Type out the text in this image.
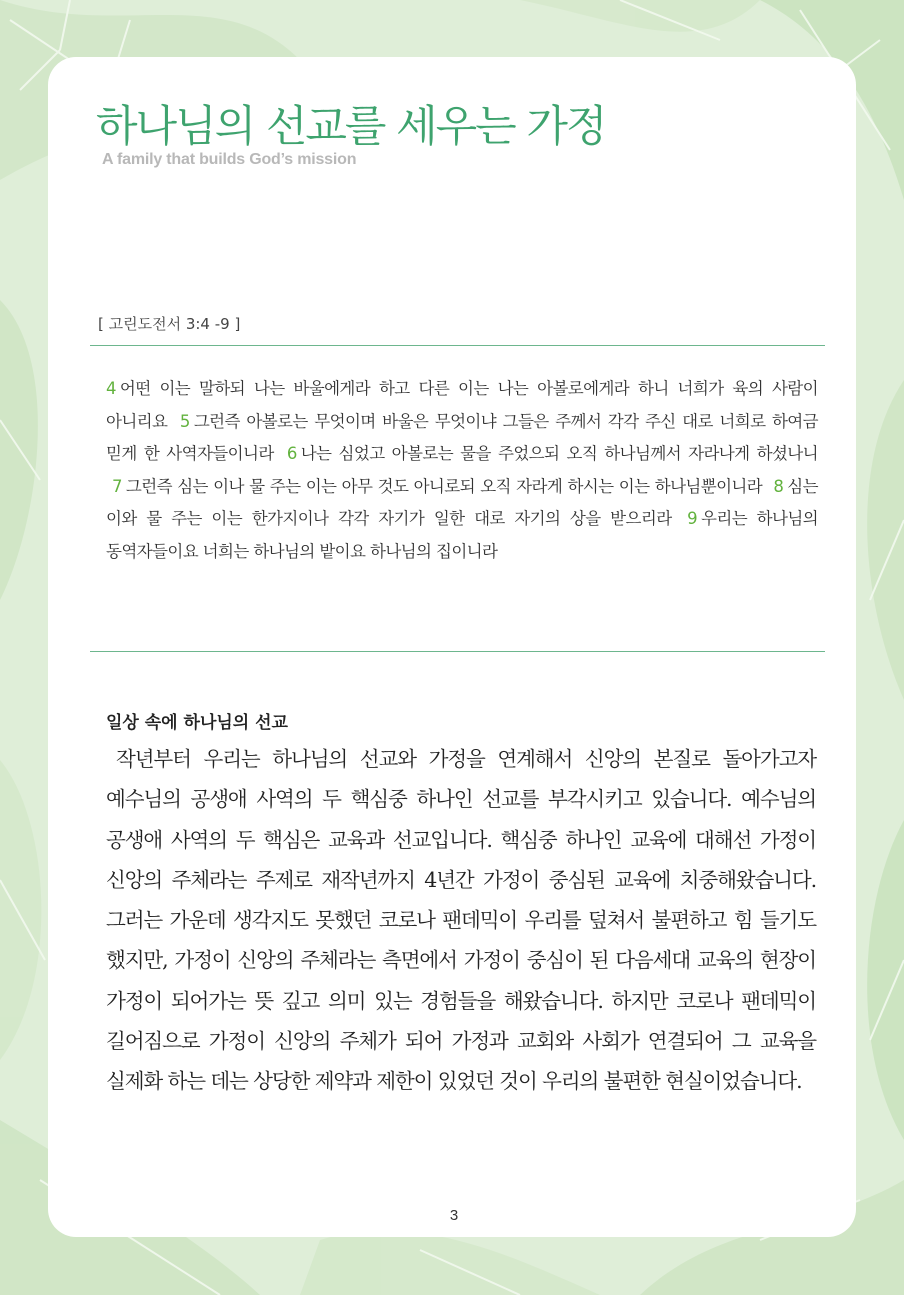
하나님의 선교를 세우는 가정
A family that builds God’s mission
[ 고린도전서 3:4 -9 ]
4 어떤 이는 말하되 나는 바울에게라 하고 다른 이는 나는 아볼로에게라 하니 너희가 육의 사람이 아니리요 5 그런즉 아볼로는 무엇이며 바울은 무엇이냐 그들은 주께서 각각 주신 대로 너희로 하여금 믿게 한 사역자들이니라 6 나는 심었고 아볼로는 물을 주었으되 오직 하나님께서 자라나게 하셨나니 7 그런즉 심는 이나 물 주는 이는 아무 것도 아니로되 오직 자라게 하시는 이는 하나님뿐이니라 8 심는 이와 물 주는 이는 한가지이나 각각 자기가 일한 대로 자기의 상을 받으리라 9 우리는 하나님의 동역자들이요 너희는 하나님의 밭이요 하나님의 집이니라
일상 속에 하나님의 선교

작년부터 우리는 하나님의 선교와 가정을 연계해서 신앙의 본질로 돌아가고자 예수님의 공생애 사역의 두 핵심중 하나인 선교를 부각시키고 있습니다. 예수님의 공생애 사역의 두 핵심은 교육과 선교입니다. 핵심중 하나인 교육에 대해선 가정이 신앙의 주체라는 주제로 재작년까지 4년간 가정이 중심된 교육에 치중해왔습니다. 그러는 가운데 생각지도 못했던 코로나 팬데믹이 우리를 덮쳐서 불편하고 힘 들기도 했지만, 가정이 신앙의 주체라는 측면에서 가정이 중심이 된 다음세대 교육의 현장이 가정이 되어가는 뜻 깊고 의미 있는 경험들을 해왔습니다. 하지만 코로나 팬데믹이 길어짐으로 가정이 신앙의 주체가 되어 가정과 교회와 사회가 연결되어 그 교육을 실제화 하는 데는 상당한 제약과 제한이 있었던 것이 우리의 불편한 현실이었습니다.

3
